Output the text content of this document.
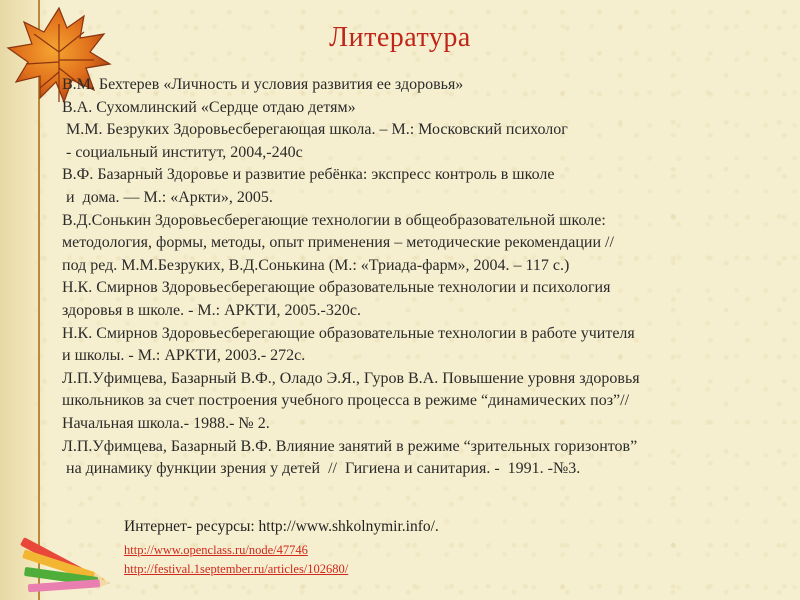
Литература
В.М. Бехтерев «Личность и условия развития ее здоровья»
В.А. Сухомлинский «Сердце отдаю детям»
М.М. Безруких Здоровьесберегающая школа. – М.: Московский психолог
- социальный институт, 2004,-240с
В.Ф. Базарный Здоровье и развитие ребёнка: экспресс контроль в школе
и  дома. — М.: «Аркти», 2005.
В.Д.Сонькин Здоровьесберегающие технологии в общеобразовательной школе:
методология, формы, методы, опыт применения – методические рекомендации //
под ред. М.М.Безруких, В.Д.Сонькина (М.: «Триада-фарм», 2004. – 117 с.)
Н.К. Смирнов Здоровьесберегающие образовательные технологии и психология
здоровья в школе. - М.: АРКТИ, 2005.-320с.
Н.К. Смирнов Здоровьесберегающие образовательные технологии в работе учителя
и школы. - М.: АРКТИ, 2003.- 272с.
Л.П.Уфимцева, Базарный В.Ф., Оладо Э.Я., Гуров В.А. Повышение уровня здоровья
школьников за счет построения учебного процесса в режиме “динамических поз”//
Начальная школа.- 1988.- № 2.
Л.П.Уфимцева, Базарный В.Ф. Влияние занятий в режиме “зрительных горизонтов”
на динамику функции зрения у детей  //  Гигиена и санитария. -  1991. -№3.
Интернет- ресурсы: http://www.shkolnymir.info/.
http://www.openclass.ru/node/47746
http://festival.1september.ru/articles/102680/
